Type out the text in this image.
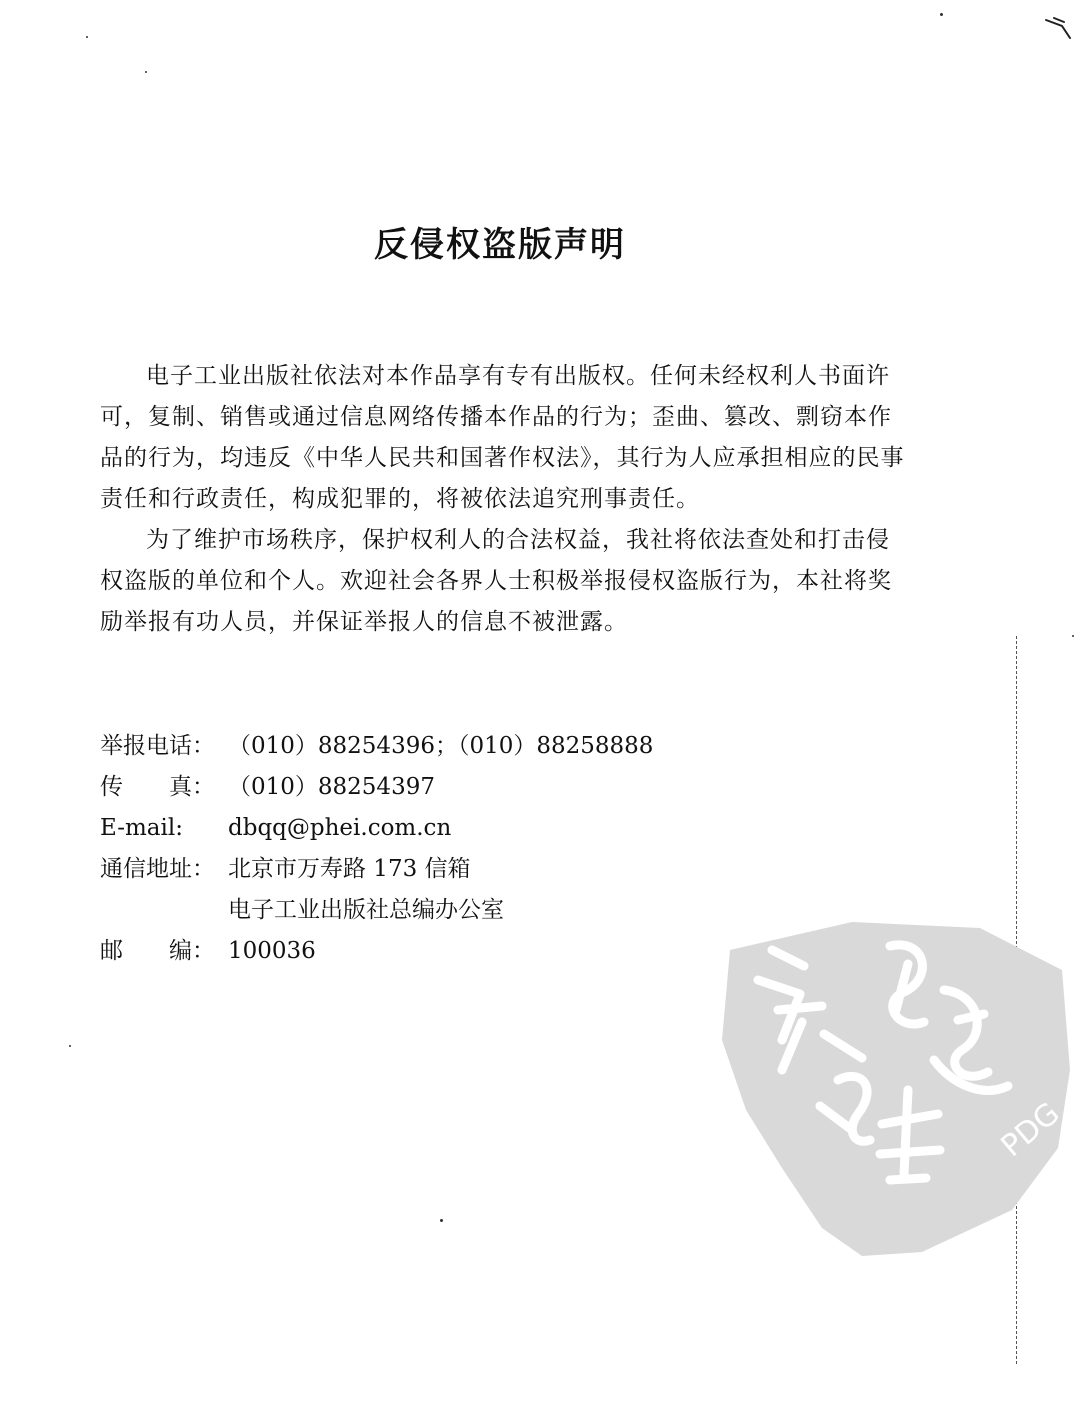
反侵权盗版声明

电子工业出版社依法对本作品享有专有出版权。任何未经权利人书面许可，复制、销售或通过信息网络传播本作品的行为；歪曲、篡改、剽窃本作品的行为，均违反《中华人民共和国著作权法》，其行为人应承担相应的民事责任和行政责任，构成犯罪的，将被依法追究刑事责任。

为了维护市场秩序，保护权利人的合法权益，我社将依法查处和打击侵权盗版的单位和个人。欢迎社会各界人士积极举报侵权盗版行为，本社将奖励举报有功人员，并保证举报人的信息不被泄露。

举报电话： （010）88254396；（010）88258888
传　　真： （010）88254397
E-mail:	dbqq@phei.com.cn
通信地址： 北京市万寿路 173 信箱
电子工业出版社总编办公室
邮　　编： 100036
PDG
